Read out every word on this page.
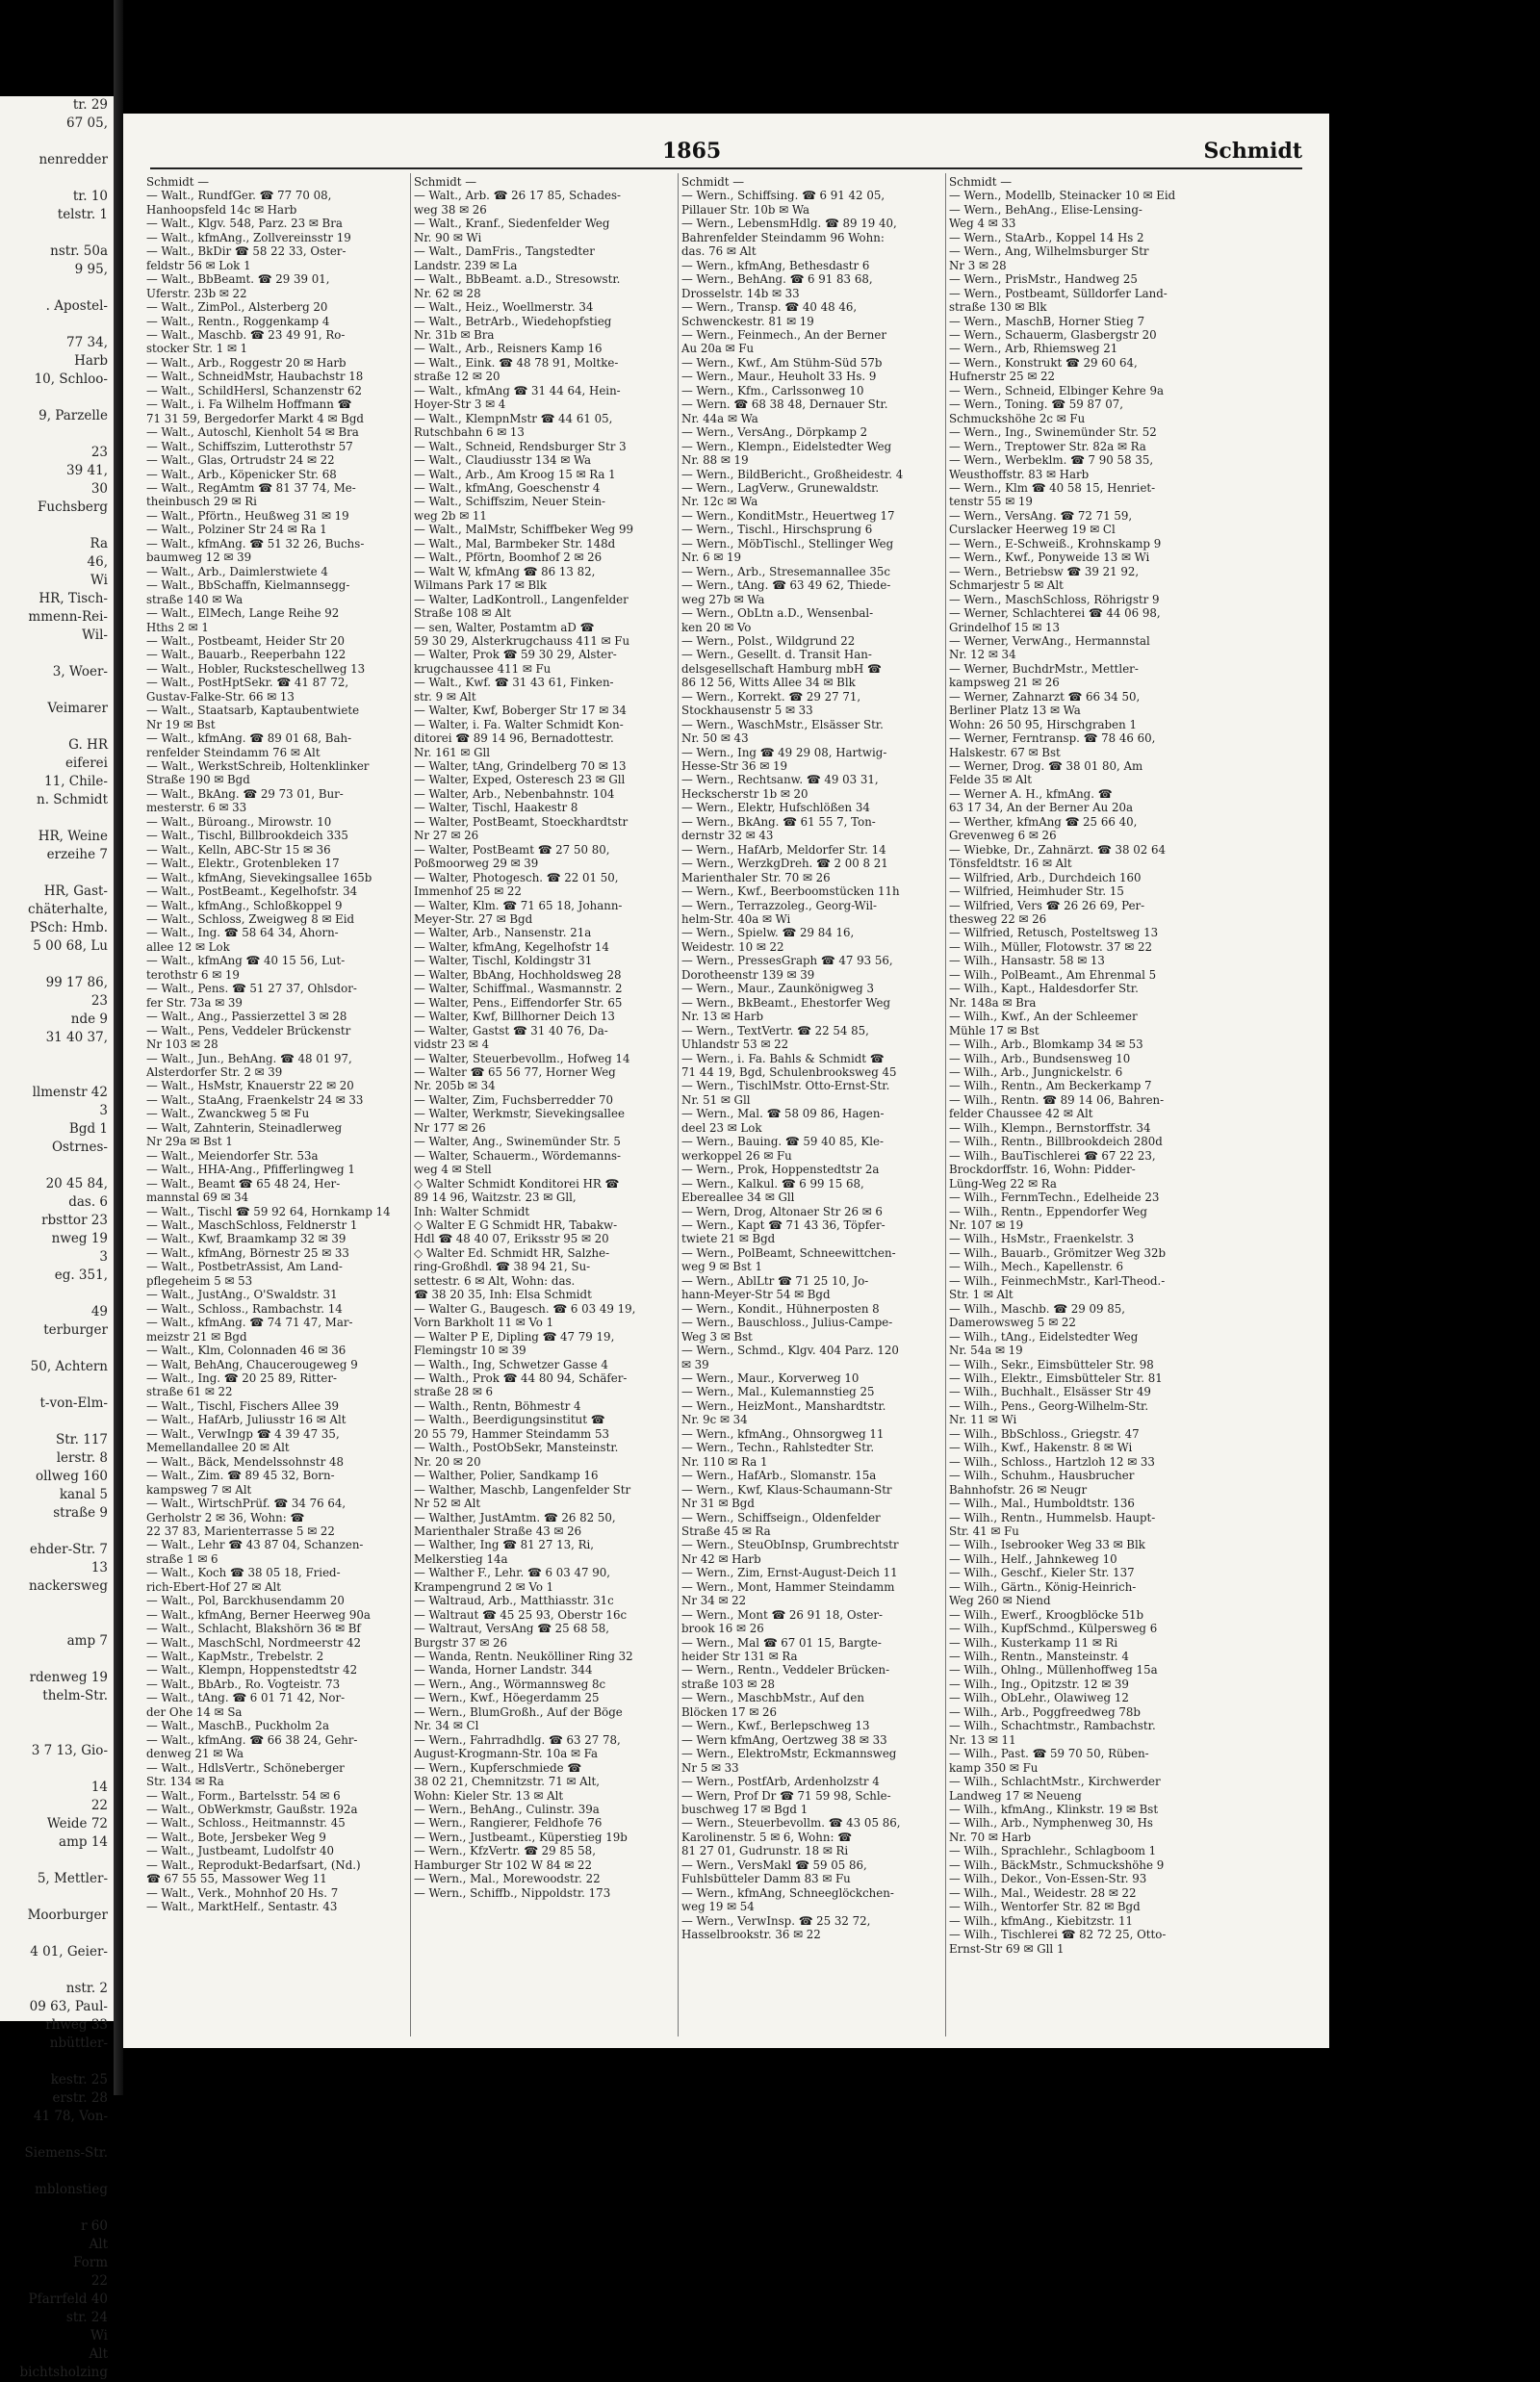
tr. 29
67 05,

nenredder

tr. 10
telstr. 1

nstr. 50a
9 95,

. Apostel-

77 34,
Harb
10, Schloo-

9, Parzelle

23
39 41,
30
Fuchsberg

Ra
46,
Wi
HR, Tisch-
mmenn-Rei-
Wil-

3, Woer-

Veimarer

G. HR
eiferei
11, Chile-
n. Schmidt

HR, Weine
erzeihe 7

HR, Gast-
chäterhalte,
PSch: Hmb.
5 00 68, Lu

99 17 86,
23
nde 9
31 40 37,

llmenstr 42
3
Bgd 1
Ostrnes-

20 45 84,
das. 6
rbsttor 23
nweg 19
3
eg. 351,

49
terburger

50, Achtern

t-von-Elm-

Str. 117
lerstr. 8
ollweg 160
kanal 5
straße 9

ehder-Str. 7
13
nackersweg

amp 7

rdenweg 19
thelm-Str.

3 7 13, Gio-

14
22
Weide 72
amp 14

5, Mettler-

Moorburger

4 01, Geier-

nstr. 2
09 63, Paul-
rhweg 33
nbüttler-

kestr. 25
erstr. 28
41 78, Von-

Siemens-Str.

mblonstieg

r 60
Alt
Form
22
Pfarrfeld 40
str. 24
Wi
Alt
bichtsholzing
1865	Schmidt
Schmidt —
— Walt., RundfGer. ☎ 77 70 08,
Hanhoopsfeld 14c ✉ Harb
— Walt., Klgv. 548, Parz. 23 ✉ Bra
— Walt., kfmAng., Zollvereinsstr 19
— Walt., BkDir ☎ 58 22 33, Oster-
feldstr 56 ✉ Lok 1
— Walt., BbBeamt. ☎ 29 39 01,
Uferstr. 23b ✉ 22
— Walt., ZimPol., Alsterberg 20
— Walt., Rentn., Roggenkamp 4
— Walt., Maschb. ☎ 23 49 91, Ro-
stocker Str. 1 ✉ 1
— Walt., Arb., Roggestr 20 ✉ Harb
— Walt., SchneidMstr, Haubachstr 18
— Walt., SchildHersl, Schanzenstr 62
— Walt., i. Fa Wilhelm Hoffmann ☎
71 31 59, Bergedorfer Markt 4 ✉ Bgd
— Walt., Autoschl, Kienholt 54 ✉ Bra
— Walt., Schiffszim, Lutterothstr 57
— Walt., Glas, Ortrudstr 24 ✉ 22
— Walt., Arb., Köpenicker Str. 68
— Walt., RegAmtm ☎ 81 37 74, Me-
theinbusch 29 ✉ Ri
— Walt., Pförtn., Heußweg 31 ✉ 19
— Walt., Polziner Str 24 ✉ Ra 1
— Walt., kfmAng. ☎ 51 32 26, Buchs-
baumweg 12 ✉ 39
— Walt., Arb., Daimlerstwiete 4
— Walt., BbSchaffn, Kielmannsegg-
straße 140 ✉ Wa
— Walt., ElMech, Lange Reihe 92
Hths 2 ✉ 1
— Walt., Postbeamt, Heider Str 20
— Walt., Bauarb., Reeperbahn 122
— Walt., Hobler, Rucksteschellweg 13
— Walt., PostHptSekr. ☎ 41 87 72,
Gustav-Falke-Str. 66 ✉ 13
— Walt., Staatsarb, Kaptaubentwiete
Nr 19 ✉ Bst
— Walt., kfmAng. ☎ 89 01 68, Bah-
renfelder Steindamm 76 ✉ Alt
— Walt., WerkstSchreib, Holtenklinker
Straße 190 ✉ Bgd
— Walt., BkAng. ☎ 29 73 01, Bur-
mesterstr. 6 ✉ 33
— Walt., Büroang., Mirowstr. 10
— Walt., Tischl, Billbrookdeich 335
— Walt., Kelln, ABC-Str 15 ✉ 36
— Walt., Elektr., Grotenbleken 17
— Walt., kfmAng, Sievekingsallee 165b
— Walt., PostBeamt., Kegelhofstr. 34
— Walt., kfmAng., Schloßkoppel 9
— Walt., Schloss, Zweigweg 8 ✉ Eid
— Walt., Ing. ☎ 58 64 34, Ahorn-
allee 12 ✉ Lok
— Walt., kfmAng ☎ 40 15 56, Lut-
terothstr 6 ✉ 19
— Walt., Pens. ☎ 51 27 37, Ohlsdor-
fer Str. 73a ✉ 39
— Walt., Ang., Passierzettel 3 ✉ 28
— Walt., Pens, Veddeler Brückenstr
Nr 103 ✉ 28
— Walt., Jun., BehAng. ☎ 48 01 97,
Alsterdorfer Str. 2 ✉ 39
— Walt., HsMstr, Knauerstr 22 ✉ 20
— Walt., StaAng, Fraenkelstr 24 ✉ 33
— Walt., Zwanckweg 5 ✉ Fu
— Walt, Zahnterin, Steinadlerweg
Nr 29a ✉ Bst 1
— Walt., Meiendorfer Str. 53a
— Walt., HHA-Ang., Pfifferlingweg 1
— Walt., Beamt ☎ 65 48 24, Her-
mannstal 69 ✉ 34
— Walt., Tischl ☎ 59 92 64, Hornkamp 14
— Walt., MaschSchloss, Feldnerstr 1
— Walt., Kwf, Braamkamp 32 ✉ 39
— Walt., kfmAng, Börnestr 25 ✉ 33
— Walt., PostbetrAssist, Am Land-
pflegeheim 5 ✉ 53
— Walt., JustAng., O'Swaldstr. 31
— Walt., Schloss., Rambachstr. 14
— Walt., kfmAng. ☎ 74 71 47, Mar-
meizstr 21 ✉ Bgd
— Walt., Klm, Colonnaden 46 ✉ 36
— Walt, BehAng, Chaucerougeweg 9
— Walt., Ing. ☎ 20 25 89, Ritter-
straße 61 ✉ 22
— Walt., Tischl, Fischers Allee 39
— Walt., HafArb, Juliusstr 16 ✉ Alt
— Walt., VerwIngp ☎ 4 39 47 35,
Memellandallee 20 ✉ Alt
— Walt., Bäck, Mendelssohnstr 48
— Walt., Zim. ☎ 89 45 32, Born-
kampsweg 7 ✉ Alt
— Walt., WirtschPrüf. ☎ 34 76 64,
Gerholstr 2 ✉ 36, Wohn: ☎
22 37 83, Marienterrasse 5 ✉ 22
— Walt., Lehr ☎ 43 87 04, Schanzen-
straße 1 ✉ 6
— Walt., Koch ☎ 38 05 18, Fried-
rich-Ebert-Hof 27 ✉ Alt
— Walt., Pol, Barckhusendamm 20
— Walt., kfmAng, Berner Heerweg 90a
— Walt., Schlacht, Blakshörn 36 ✉ Bf
— Walt., MaschSchl, Nordmeerstr 42
— Walt., KapMstr., Trebelstr. 2
— Walt., Klempn, Hoppenstedtstr 42
— Walt., BbArb., Ro. Vogteistr. 73
— Walt., tAng. ☎ 6 01 71 42, Nor-
der Ohe 14 ✉ Sa
— Walt., MaschB., Puckholm 2a
— Walt., kfmAng. ☎ 66 38 24, Gehr-
denweg 21 ✉ Wa
— Walt., HdlsVertr., Schöneberger
Str. 134 ✉ Ra
— Walt., Form., Bartelsstr. 54 ✉ 6
— Walt., ObWerkmstr, Gaußstr. 192a
— Walt., Schloss., Heitmannstr. 45
— Walt., Bote, Jersbeker Weg 9
— Walt., Justbeamt, Ludolfstr 40
— Walt., Reprodukt-Bedarfsart, (Nd.)
☎ 67 55 55, Massower Weg 11
— Walt., Verk., Mohnhof 20 Hs. 7
— Walt., MarktHelf., Sentastr. 43
Schmidt —
— Walt., Arb. ☎ 26 17 85, Schades-
weg 38 ✉ 26
— Walt., Kranf., Siedenfelder Weg
Nr. 90 ✉ Wi
— Walt., DamFris., Tangstedter
Landstr. 239 ✉ La
— Walt., BbBeamt. a.D., Stresowstr.
Nr. 62 ✉ 28
— Walt., Heiz., Woellmerstr. 34
— Walt., BetrArb., Wiedehopfstieg
Nr. 31b ✉ Bra
— Walt., Arb., Reisners Kamp 16
— Walt., Eink. ☎ 48 78 91, Moltke-
straße 12 ✉ 20
— Walt., kfmAng ☎ 31 44 64, Hein-
Hoyer-Str 3 ✉ 4
— Walt., KlempnMstr ☎ 44 61 05,
Rutschbahn 6 ✉ 13
— Walt., Schneid, Rendsburger Str 3
— Walt., Claudiusstr 134 ✉ Wa
— Walt., Arb., Am Kroog 15 ✉ Ra 1
— Walt., kfmAng, Goeschenstr 4
— Walt., Schiffszim, Neuer Stein-
weg 2b ✉ 11
— Walt., MalMstr, Schiffbeker Weg 99
— Walt., Mal, Barmbeker Str. 148d
— Walt., Pförtn, Boomhof 2 ✉ 26
— Walt W, kfmAng ☎ 86 13 82,
Wilmans Park 17 ✉ Blk
— Walter, LadKontroll., Langenfelder
Straße 108 ✉ Alt
— sen, Walter, Postamtm aD ☎
59 30 29, Alsterkrugchauss 411 ✉ Fu
— Walter, Prok ☎ 59 30 29, Alster-
krugchaussee 411 ✉ Fu
— Walt., Kwf. ☎ 31 43 61, Finken-
str. 9 ✉ Alt
— Walter, Kwf, Boberger Str 17 ✉ 34
— Walter, i. Fa. Walter Schmidt Kon-
ditorei ☎ 89 14 96, Bernadottestr.
Nr. 161 ✉ Gll
— Walter, tAng, Grindelberg 70 ✉ 13
— Walter, Exped, Osteresch 23 ✉ Gll
— Walter, Arb., Nebenbahnstr. 104
— Walter, Tischl, Haakestr 8
— Walter, PostBeamt, Stoeckhardtstr
Nr 27 ✉ 26
— Walter, PostBeamt ☎ 27 50 80,
Poßmoorweg 29 ✉ 39
— Walter, Photogesch. ☎ 22 01 50,
Immenhof 25 ✉ 22
— Walter, Klm. ☎ 71 65 18, Johann-
Meyer-Str. 27 ✉ Bgd
— Walter, Arb., Nansenstr. 21a
— Walter, kfmAng, Kegelhofstr 14
— Walter, Tischl, Koldingstr 31
— Walter, BbAng, Hochholdsweg 28
— Walter, Schiffmal., Wasmannstr. 2
— Walter, Pens., Eiffendorfer Str. 65
— Walter, Kwf, Billhorner Deich 13
— Walter, Gastst ☎ 31 40 76, Da-
vidstr 23 ✉ 4
— Walter, Steuerbevollm., Hofweg 14
— Walter ☎ 65 56 77, Horner Weg
Nr. 205b ✉ 34
— Walter, Zim, Fuchsberredder 70
— Walter, Werkmstr, Sievekingsallee
Nr 177 ✉ 26
— Walter, Ang., Swinemünder Str. 5
— Walter, Schauerm., Wördemanns-
weg 4 ✉ Stell
◇ Walter Schmidt Konditorei HR ☎
89 14 96, Waitzstr. 23 ✉ Gll,
Inh: Walter Schmidt
◇ Walter E G Schmidt HR, Tabakw-
Hdl ☎ 48 40 07, Eriksstr 95 ✉ 20
◇ Walter Ed. Schmidt HR, Salzhe-
ring-Großhdl. ☎ 38 94 21, Su-
settestr. 6 ✉ Alt, Wohn: das.
☎ 38 20 35, Inh: Elsa Schmidt
— Walter G., Baugesch. ☎ 6 03 49 19,
Vorn Barkholt 11 ✉ Vo 1
— Walter P E, Dipling ☎ 47 79 19,
Flemingstr 10 ✉ 39
— Walth., Ing, Schwetzer Gasse 4
— Walth., Prok ☎ 44 80 94, Schäfer-
straße 28 ✉ 6
— Walth., Rentn, Böhmestr 4
— Walth., Beerdigungsinstitut ☎
20 55 79, Hammer Steindamm 53
— Walth., PostObSekr, Mansteinstr.
Nr. 20 ✉ 20
— Walther, Polier, Sandkamp 16
— Walther, Maschb, Langenfelder Str
Nr 52 ✉ Alt
— Walther, JustAmtm. ☎ 26 82 50,
Marienthaler Straße 43 ✉ 26
— Walther, Ing ☎ 81 27 13, Ri,
Melkerstieg 14a
— Walther F., Lehr. ☎ 6 03 47 90,
Krampengrund 2 ✉ Vo 1
— Waltraud, Arb., Matthiasstr. 31c
— Waltraut ☎ 45 25 93, Oberstr 16c
— Waltraut, VersAng ☎ 25 68 58,
Burgstr 37 ✉ 26
— Wanda, Rentn. Neukölliner Ring 32
— Wanda, Horner Landstr. 344
— Wern., Ang., Wörmannsweg 8c
— Wern., Kwf., Höegerdamm 25
— Wern., BlumGroßh., Auf der Böge
Nr. 34 ✉ Cl
— Wern., Fahrradhdlg. ☎ 63 27 78,
August-Krogmann-Str. 10a ✉ Fa
— Wern., Kupferschmiede ☎
38 02 21, Chemnitzstr. 71 ✉ Alt,
Wohn: Kieler Str. 13 ✉ Alt
— Wern., BehAng., Culinstr. 39a
— Wern., Rangierer, Feldhofe 76
— Wern., Justbeamt., Küperstieg 19b
— Wern., KfzVertr. ☎ 29 85 58,
Hamburger Str 102 W 84 ✉ 22
— Wern., Mal., Morewoodstr. 22
— Wern., Schiffb., Nippoldstr. 173
Schmidt —
— Wern., Schiffsing. ☎ 6 91 42 05,
Pillauer Str. 10b ✉ Wa
— Wern., LebensmHdlg. ☎ 89 19 40,
Bahrenfelder Steindamm 96 Wohn:
das. 76 ✉ Alt
— Wern., kfmAng, Bethesdastr 6
— Wern., BehAng. ☎ 6 91 83 68,
Drosselstr. 14b ✉ 33
— Wern., Transp. ☎ 40 48 46,
Schwenckestr. 81 ✉ 19
— Wern., Feinmech., An der Berner
Au 20a ✉ Fu
— Wern., Kwf., Am Stühm-Süd 57b
— Wern., Maur., Heuholt 33 Hs. 9
— Wern., Kfm., Carlssonweg 10
— Wern. ☎ 68 38 48, Dernauer Str.
Nr. 44a ✉ Wa
— Wern., VersAng., Dörpkamp 2
— Wern., Klempn., Eidelstedter Weg
Nr. 88 ✉ 19
— Wern., BildBericht., Großheidestr. 4
— Wern., LagVerw., Grunewaldstr.
Nr. 12c ✉ Wa
— Wern., KonditMstr., Heuertweg 17
— Wern., Tischl., Hirschsprung 6
— Wern., MöbTischl., Stellinger Weg
Nr. 6 ✉ 19
— Wern., Arb., Stresemannallee 35c
— Wern., tAng. ☎ 63 49 62, Thiede-
weg 27b ✉ Wa
— Wern., ObLtn a.D., Wensenbal-
ken 20 ✉ Vo
— Wern., Polst., Wildgrund 22
— Wern., Gesellt. d. Transit Han-
delsgesellschaft Hamburg mbH ☎
86 12 56, Witts Allee 34 ✉ Blk
— Wern., Korrekt. ☎ 29 27 71,
Stockhausenstr 5 ✉ 33
— Wern., WaschMstr., Elsässer Str.
Nr. 50 ✉ 43
— Wern., Ing ☎ 49 29 08, Hartwig-
Hesse-Str 36 ✉ 19
— Wern., Rechtsanw. ☎ 49 03 31,
Heckscherstr 1b ✉ 20
— Wern., Elektr, Hufschlößen 34
— Wern., BkAng. ☎ 61 55 7, Ton-
dernstr 32 ✉ 43
— Wern., HafArb, Meldorfer Str. 14
— Wern., WerzkgDreh. ☎ 2 00 8 21
Marienthaler Str. 70 ✉ 26
— Wern., Kwf., Beerboomstücken 11h
— Wern., Terrazzoleg., Georg-Wil-
helm-Str. 40a ✉ Wi
— Wern., Spielw. ☎ 29 84 16,
Weidestr. 10 ✉ 22
— Wern., PressesGraph ☎ 47 93 56,
Dorotheenstr 139 ✉ 39
— Wern., Maur., Zaunkönigweg 3
— Wern., BkBeamt., Ehestorfer Weg
Nr. 13 ✉ Harb
— Wern., TextVertr. ☎ 22 54 85,
Uhlandstr 53 ✉ 22
— Wern., i. Fa. Bahls & Schmidt ☎
71 44 19, Bgd, Schulenbrooksweg 45
— Wern., TischlMstr. Otto-Ernst-Str.
Nr. 51 ✉ Gll
— Wern., Mal. ☎ 58 09 86, Hagen-
deel 23 ✉ Lok
— Wern., Bauing. ☎ 59 40 85, Kle-
werkoppel 26 ✉ Fu
— Wern., Prok, Hoppenstedtstr 2a
— Wern., Kalkul. ☎ 6 99 15 68,
Ebereallee 34 ✉ Gll
— Wern, Drog, Altonaer Str 26 ✉ 6
— Wern., Kapt ☎ 71 43 36, Töpfer-
twiete 21 ✉ Bgd
— Wern., PolBeamt, Schneewittchen-
weg 9 ✉ Bst 1
— Wern., AblLtr ☎ 71 25 10, Jo-
hann-Meyer-Str 54 ✉ Bgd
— Wern., Kondit., Hühnerposten 8
— Wern., Bauschloss., Julius-Campe-
Weg 3 ✉ Bst
— Wern., Schmd., Klgv. 404 Parz. 120
✉ 39
— Wern., Maur., Korverweg 10
— Wern., Mal., Kulemannstieg 25
— Wern., HeizMont., Manshardtstr.
Nr. 9c ✉ 34
— Wern., kfmAng., Ohnsorgweg 11
— Wern., Techn., Rahlstedter Str.
Nr. 110 ✉ Ra 1
— Wern., HafArb., Slomanstr. 15a
— Wern., Kwf, Klaus-Schaumann-Str
Nr 31 ✉ Bgd
— Wern., Schiffseign., Oldenfelder
Straße 45 ✉ Ra
— Wern., SteuObInsp, Grumbrechtstr
Nr 42 ✉ Harb
— Wern., Zim, Ernst-August-Deich 11
— Wern., Mont, Hammer Steindamm
Nr 34 ✉ 22
— Wern., Mont ☎ 26 91 18, Oster-
brook 16 ✉ 26
— Wern., Mal ☎ 67 01 15, Bargte-
heider Str 131 ✉ Ra
— Wern., Rentn., Veddeler Brücken-
straße 103 ✉ 28
— Wern., MaschbMstr., Auf den
Blöcken 17 ✉ 26
— Wern., Kwf., Berlepschweg 13
— Wern kfmAng, Oertzweg 38 ✉ 33
— Wern., ElektroMstr, Eckmannsweg
Nr 5 ✉ 33
— Wern., PostfArb, Ardenholzstr 4
— Wern, Prof Dr ☎ 71 59 98, Schle-
buschweg 17 ✉ Bgd 1
— Wern., Steuerbevollm. ☎ 43 05 86,
Karolinenstr. 5 ✉ 6, Wohn: ☎
81 27 01, Gudrunstr. 18 ✉ Ri
— Wern., VersMakl ☎ 59 05 86,
Fuhlsbütteler Damm 83 ✉ Fu
— Wern., kfmAng, Schneeglöckchen-
weg 19 ✉ 54
— Wern., VerwInsp. ☎ 25 32 72,
Hasselbrookstr. 36 ✉ 22
Schmidt —
— Wern., Modellb, Steinacker 10 ✉ Eid
— Wern., BehAng., Elise-Lensing-
Weg 4 ✉ 33
— Wern., StaArb., Koppel 14 Hs 2
— Wern., Ang, Wilhelmsburger Str
Nr 3 ✉ 28
— Wern., PrisMstr., Handweg 25
— Wern., Postbeamt, Sülldorfer Land-
straße 130 ✉ Blk
— Wern., MaschB, Horner Stieg 7
— Wern., Schauerm, Glasbergstr 20
— Wern., Arb, Rhiemsweg 21
— Wern., Konstrukt ☎ 29 60 64,
Hufnerstr 25 ✉ 22
— Wern., Schneid, Elbinger Kehre 9a
— Wern., Toning. ☎ 59 87 07,
Schmuckshöhe 2c ✉ Fu
— Wern., Ing., Swinemünder Str. 52
— Wern., Treptower Str. 82a ✉ Ra
— Wern., Werbeklm. ☎ 7 90 58 35,
Weusthoffstr. 83 ✉ Harb
— Wern., Klm ☎ 40 58 15, Henriet-
tenstr 55 ✉ 19
— Wern., VersAng. ☎ 72 71 59,
Curslacker Heerweg 19 ✉ Cl
— Wern., E-Schweiß., Krohnskamp 9
— Wern., Kwf., Ponyweide 13 ✉ Wi
— Wern., Betriebsw ☎ 39 21 92,
Schmarjestr 5 ✉ Alt
— Wern., MaschSchloss, Röhrigstr 9
— Werner, Schlachterei ☎ 44 06 98,
Grindelhof 15 ✉ 13
— Werner, VerwAng., Hermannstal
Nr. 12 ✉ 34
— Werner, BuchdrMstr., Mettler-
kampsweg 21 ✉ 26
— Werner, Zahnarzt ☎ 66 34 50,
Berliner Platz 13 ✉ Wa
Wohn: 26 50 95, Hirschgraben 1
— Werner, Ferntransp. ☎ 78 46 60,
Halskestr. 67 ✉ Bst
— Werner, Drog. ☎ 38 01 80, Am
Felde 35 ✉ Alt
— Werner A. H., kfmAng. ☎
63 17 34, An der Berner Au 20a
— Werther, kfmAng ☎ 25 66 40,
Grevenweg 6 ✉ 26
— Wiebke, Dr., Zahnärzt. ☎ 38 02 64
Tönsfeldtstr. 16 ✉ Alt
— Wilfried, Arb., Durchdeich 160
— Wilfried, Heimhuder Str. 15
— Wilfried, Vers ☎ 26 26 69, Per-
thesweg 22 ✉ 26
— Wilfried, Retusch, Posteltsweg 13
— Wilh., Müller, Flotowstr. 37 ✉ 22
— Wilh., Hansastr. 58 ✉ 13
— Wilh., PolBeamt., Am Ehrenmal 5
— Wilh., Kapt., Haldesdorfer Str.
Nr. 148a ✉ Bra
— Wilh., Kwf., An der Schleemer
Mühle 17 ✉ Bst
— Wilh., Arb., Blomkamp 34 ✉ 53
— Wilh., Arb., Bundsensweg 10
— Wilh., Arb., Jungnickelstr. 6
— Wilh., Rentn., Am Beckerkamp 7
— Wilh., Rentn. ☎ 89 14 06, Bahren-
felder Chaussee 42 ✉ Alt
— Wilh., Klempn., Bernstorffstr. 34
— Wilh., Rentn., Billbrookdeich 280d
— Wilh., BauTischlerei ☎ 67 22 23,
Brockdorffstr. 16, Wohn: Pidder-
Lüng-Weg 22 ✉ Ra
— Wilh., FernmTechn., Edelheide 23
— Wilh., Rentn., Eppendorfer Weg
Nr. 107 ✉ 19
— Wilh., HsMstr., Fraenkelstr. 3
— Wilh., Bauarb., Grömitzer Weg 32b
— Wilh., Mech., Kapellenstr. 6
— Wilh., FeinmechMstr., Karl-Theod.-
Str. 1 ✉ Alt
— Wilh., Maschb. ☎ 29 09 85,
Damerowsweg 5 ✉ 22
— Wilh., tAng., Eidelstedter Weg
Nr. 54a ✉ 19
— Wilh., Sekr., Eimsbütteler Str. 98
— Wilh., Elektr., Eimsbütteler Str. 81
— Wilh., Buchhalt., Elsässer Str 49
— Wilh., Pens., Georg-Wilhelm-Str.
Nr. 11 ✉ Wi
— Wilh., BbSchloss., Griegstr. 47
— Wilh., Kwf., Hakenstr. 8 ✉ Wi
— Wilh., Schloss., Hartzloh 12 ✉ 33
— Wilh., Schuhm., Hausbrucher
Bahnhofstr. 26 ✉ Neugr
— Wilh., Mal., Humboldtstr. 136
— Wilh., Rentn., Hummelsb. Haupt-
Str. 41 ✉ Fu
— Wilh., Isebrooker Weg 33 ✉ Blk
— Wilh., Helf., Jahnkeweg 10
— Wilh., Geschf., Kieler Str. 137
— Wilh., Gärtn., König-Heinrich-
Weg 260 ✉ Niend
— Wilh., Ewerf., Kroogblöcke 51b
— Wilh., KupfSchmd., Külpersweg 6
— Wilh., Kusterkamp 11 ✉ Ri
— Wilh., Rentn., Mansteinstr. 4
— Wilh., Ohlng., Müllenhoffweg 15a
— Wilh., Ing., Opitzstr. 12 ✉ 39
— Wilh., ObLehr., Olawiweg 12
— Wilh., Arb., Poggfreedweg 78b
— Wilh., Schachtmstr., Rambachstr.
Nr. 13 ✉ 11
— Wilh., Past. ☎ 59 70 50, Rüben-
kamp 350 ✉ Fu
— Wilh., SchlachtMstr., Kirchwerder
Landweg 17 ✉ Neueng
— Wilh., kfmAng., Klinkstr. 19 ✉ Bst
— Wilh., Arb., Nymphenweg 30, Hs
Nr. 70 ✉ Harb
— Wilh., Sprachlehr., Schlagboom 1
— Wilh., BäckMstr., Schmuckshöhe 9
— Wilh., Dekor., Von-Essen-Str. 93
— Wilh., Mal., Weidestr. 28 ✉ 22
— Wilh., Wentorfer Str. 82 ✉ Bgd
— Wilh., kfmAng., Kiebitzstr. 11
— Wilh., Tischlerei ☎ 82 72 25, Otto-
Ernst-Str 69 ✉ Gll 1
